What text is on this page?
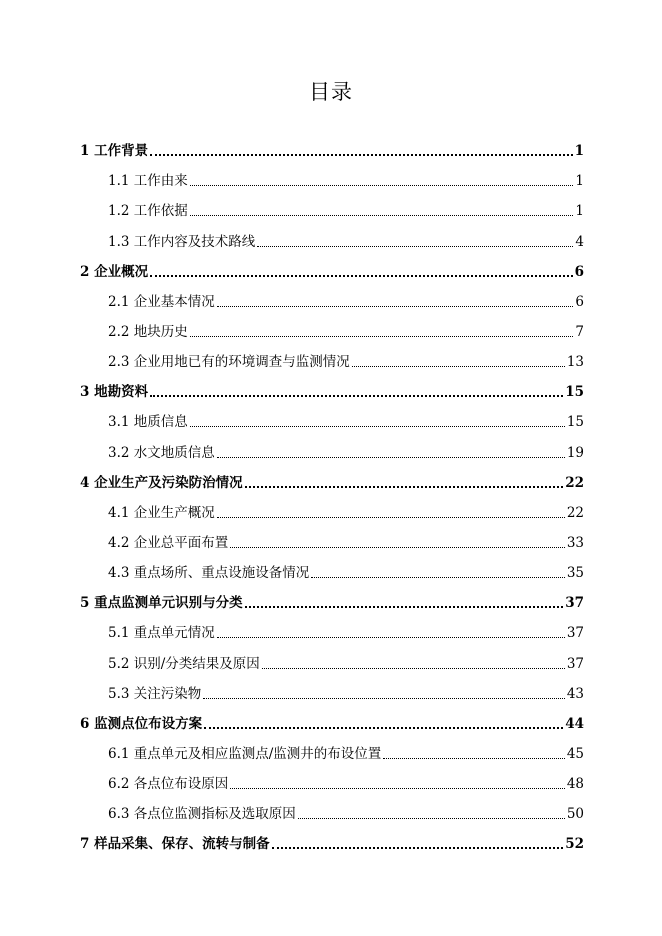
目录
1 工作背景	1
1.1 工作由来	1
1.2 工作依据	1
1.3 工作内容及技术路线	4
2 企业概况	6
2.1 企业基本情况	6
2.2 地块历史	7
2.3 企业用地已有的环境调查与监测情况	13
3 地勘资料	15
3.1 地质信息	15
3.2 水文地质信息	19
4 企业生产及污染防治情况	22
4.1 企业生产概况	22
4.2 企业总平面布置	33
4.3 重点场所、重点设施设备情况	35
5 重点监测单元识别与分类	37
5.1 重点单元情况	37
5.2 识别/分类结果及原因	37
5.3 关注污染物	43
6 监测点位布设方案	44
6.1 重点单元及相应监测点/监测井的布设位置	45
6.2 各点位布设原因	48
6.3 各点位监测指标及选取原因	50
7 样品采集、保存、流转与制备	52
